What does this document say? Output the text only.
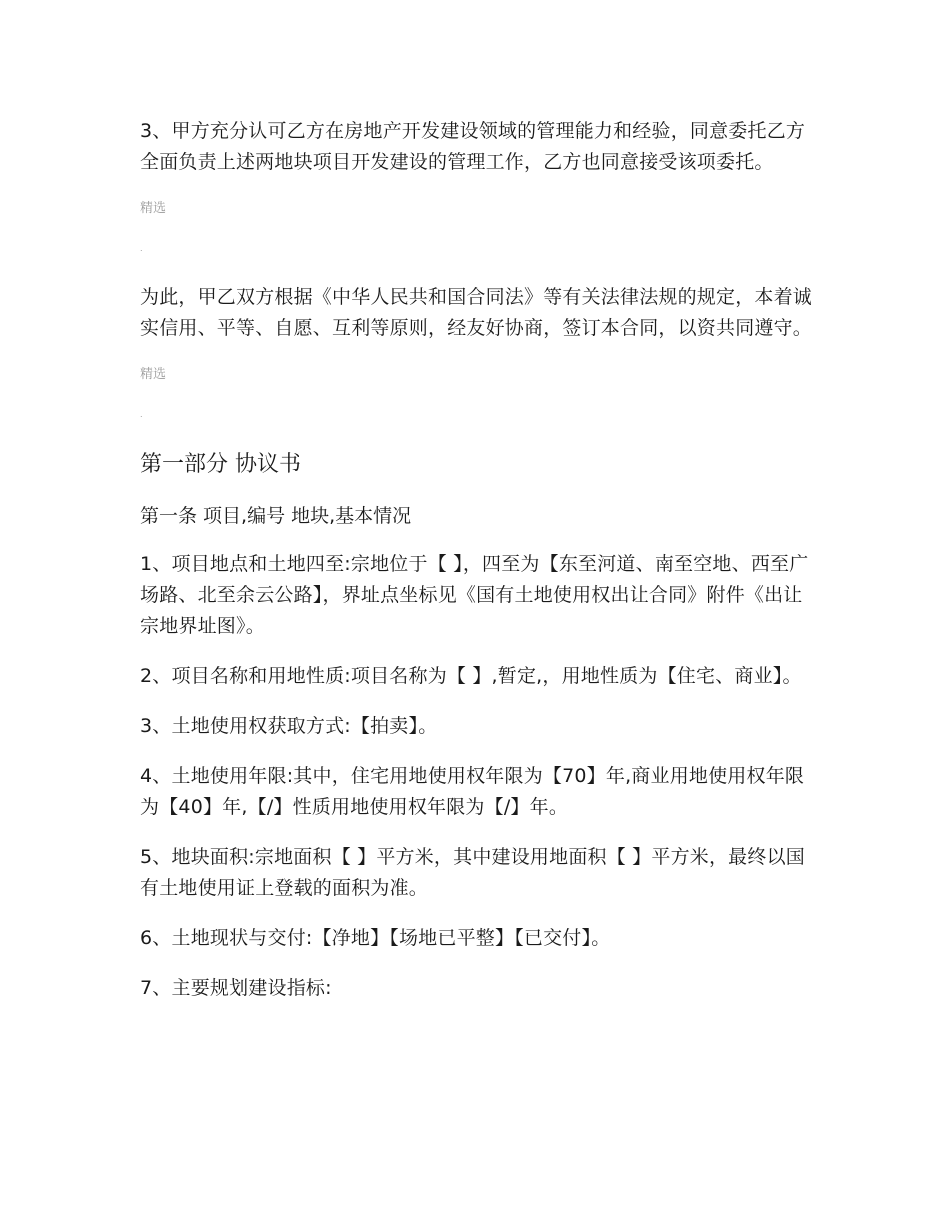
3、甲方充分认可乙方在房地产开发建设领域的管理能力和经验，同意委托乙方全面负责上述两地块项目开发建设的管理工作，乙方也同意接受该项委托。

精选

.

为此，甲乙双方根据《中华人民共和国合同法》等有关法律法规的规定，本着诚实信用、平等、自愿、互利等原则，经友好协商，签订本合同，以资共同遵守。

精选

.

第一部分 协议书
第一条 项目,编号 地块,基本情况

1、项目地点和土地四至:宗地位于【 】，四至为【东至河道、南至空地、西至广场路、北至余云公路】，界址点坐标见《国有土地使用权出让合同》附件《出让宗地界址图》。

2、项目名称和用地性质:项目名称为【 】,暂定,，用地性质为【住宅、商业】。

3、土地使用权获取方式:【拍卖】。

4、土地使用年限:其中，住宅用地使用权年限为【70】年,商业用地使用权年限为【40】年,【/】性质用地使用权年限为【/】年。

5、地块面积:宗地面积【 】平方米，其中建设用地面积【 】平方米，最终以国有土地使用证上登载的面积为准。

6、土地现状与交付:【净地】【场地已平整】【已交付】。

7、主要规划建设指标:
